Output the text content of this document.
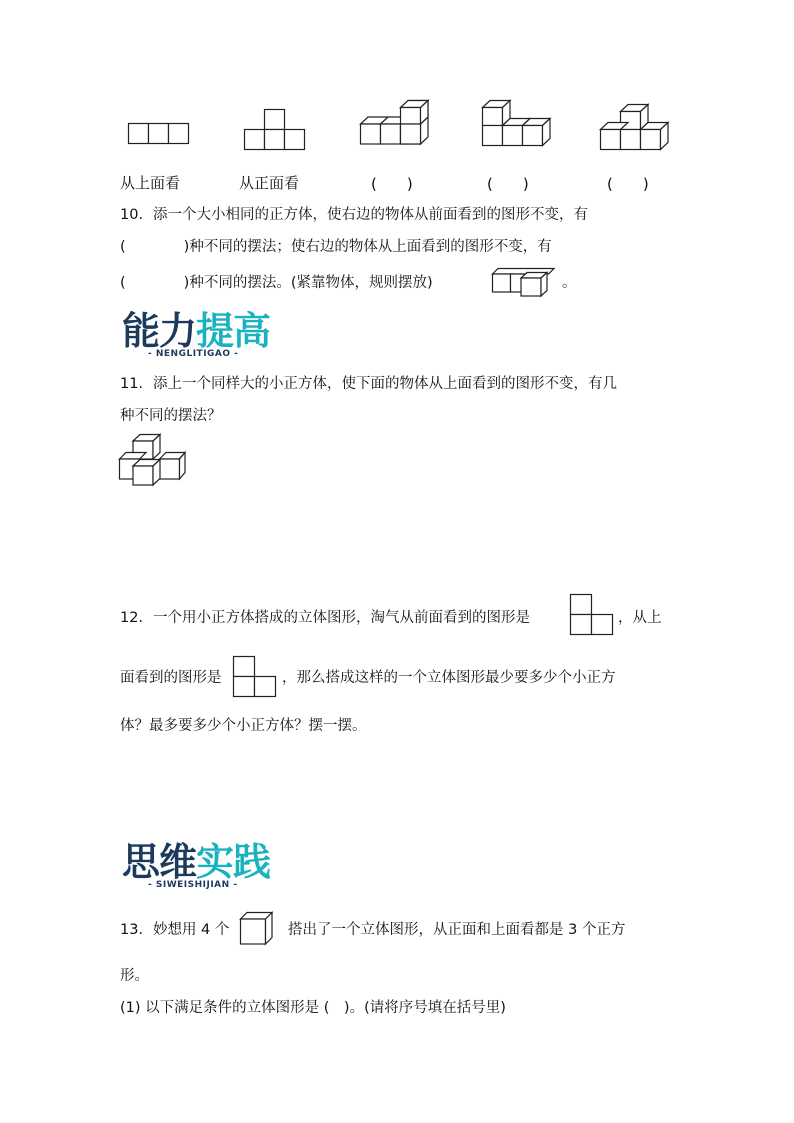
从上面看	从正面看	(　　)	(　　)	(　　)
10．添一个大小相同的正方体，使右边的物体从前面看到的图形不变，有
(　　　　)种不同的摆法；使右边的物体从上面看到的图形不变，有
(　　　　)种不同的摆法。(紧靠物体，规则摆放)	。
能力提高
- NENGLITIGAO -
11．添上一个同样大的小正方体，使下面的物体从上面看到的图形不变，有几
种不同的摆法？
12．一个用小正方体搭成的立体图形，淘气从前面看到的图形是	，从上
面看到的图形是	，那么搭成这样的一个立体图形最少要多少个小正方
体？最多要多少个小正方体？摆一摆。
思维实践
- SIWEISHIJIAN -
13．妙想用 4 个	搭出了一个立体图形，从正面和上面看都是 3 个正方
形。
(1) 以下满足条件的立体图形是 (　)。(请将序号填在括号里)
